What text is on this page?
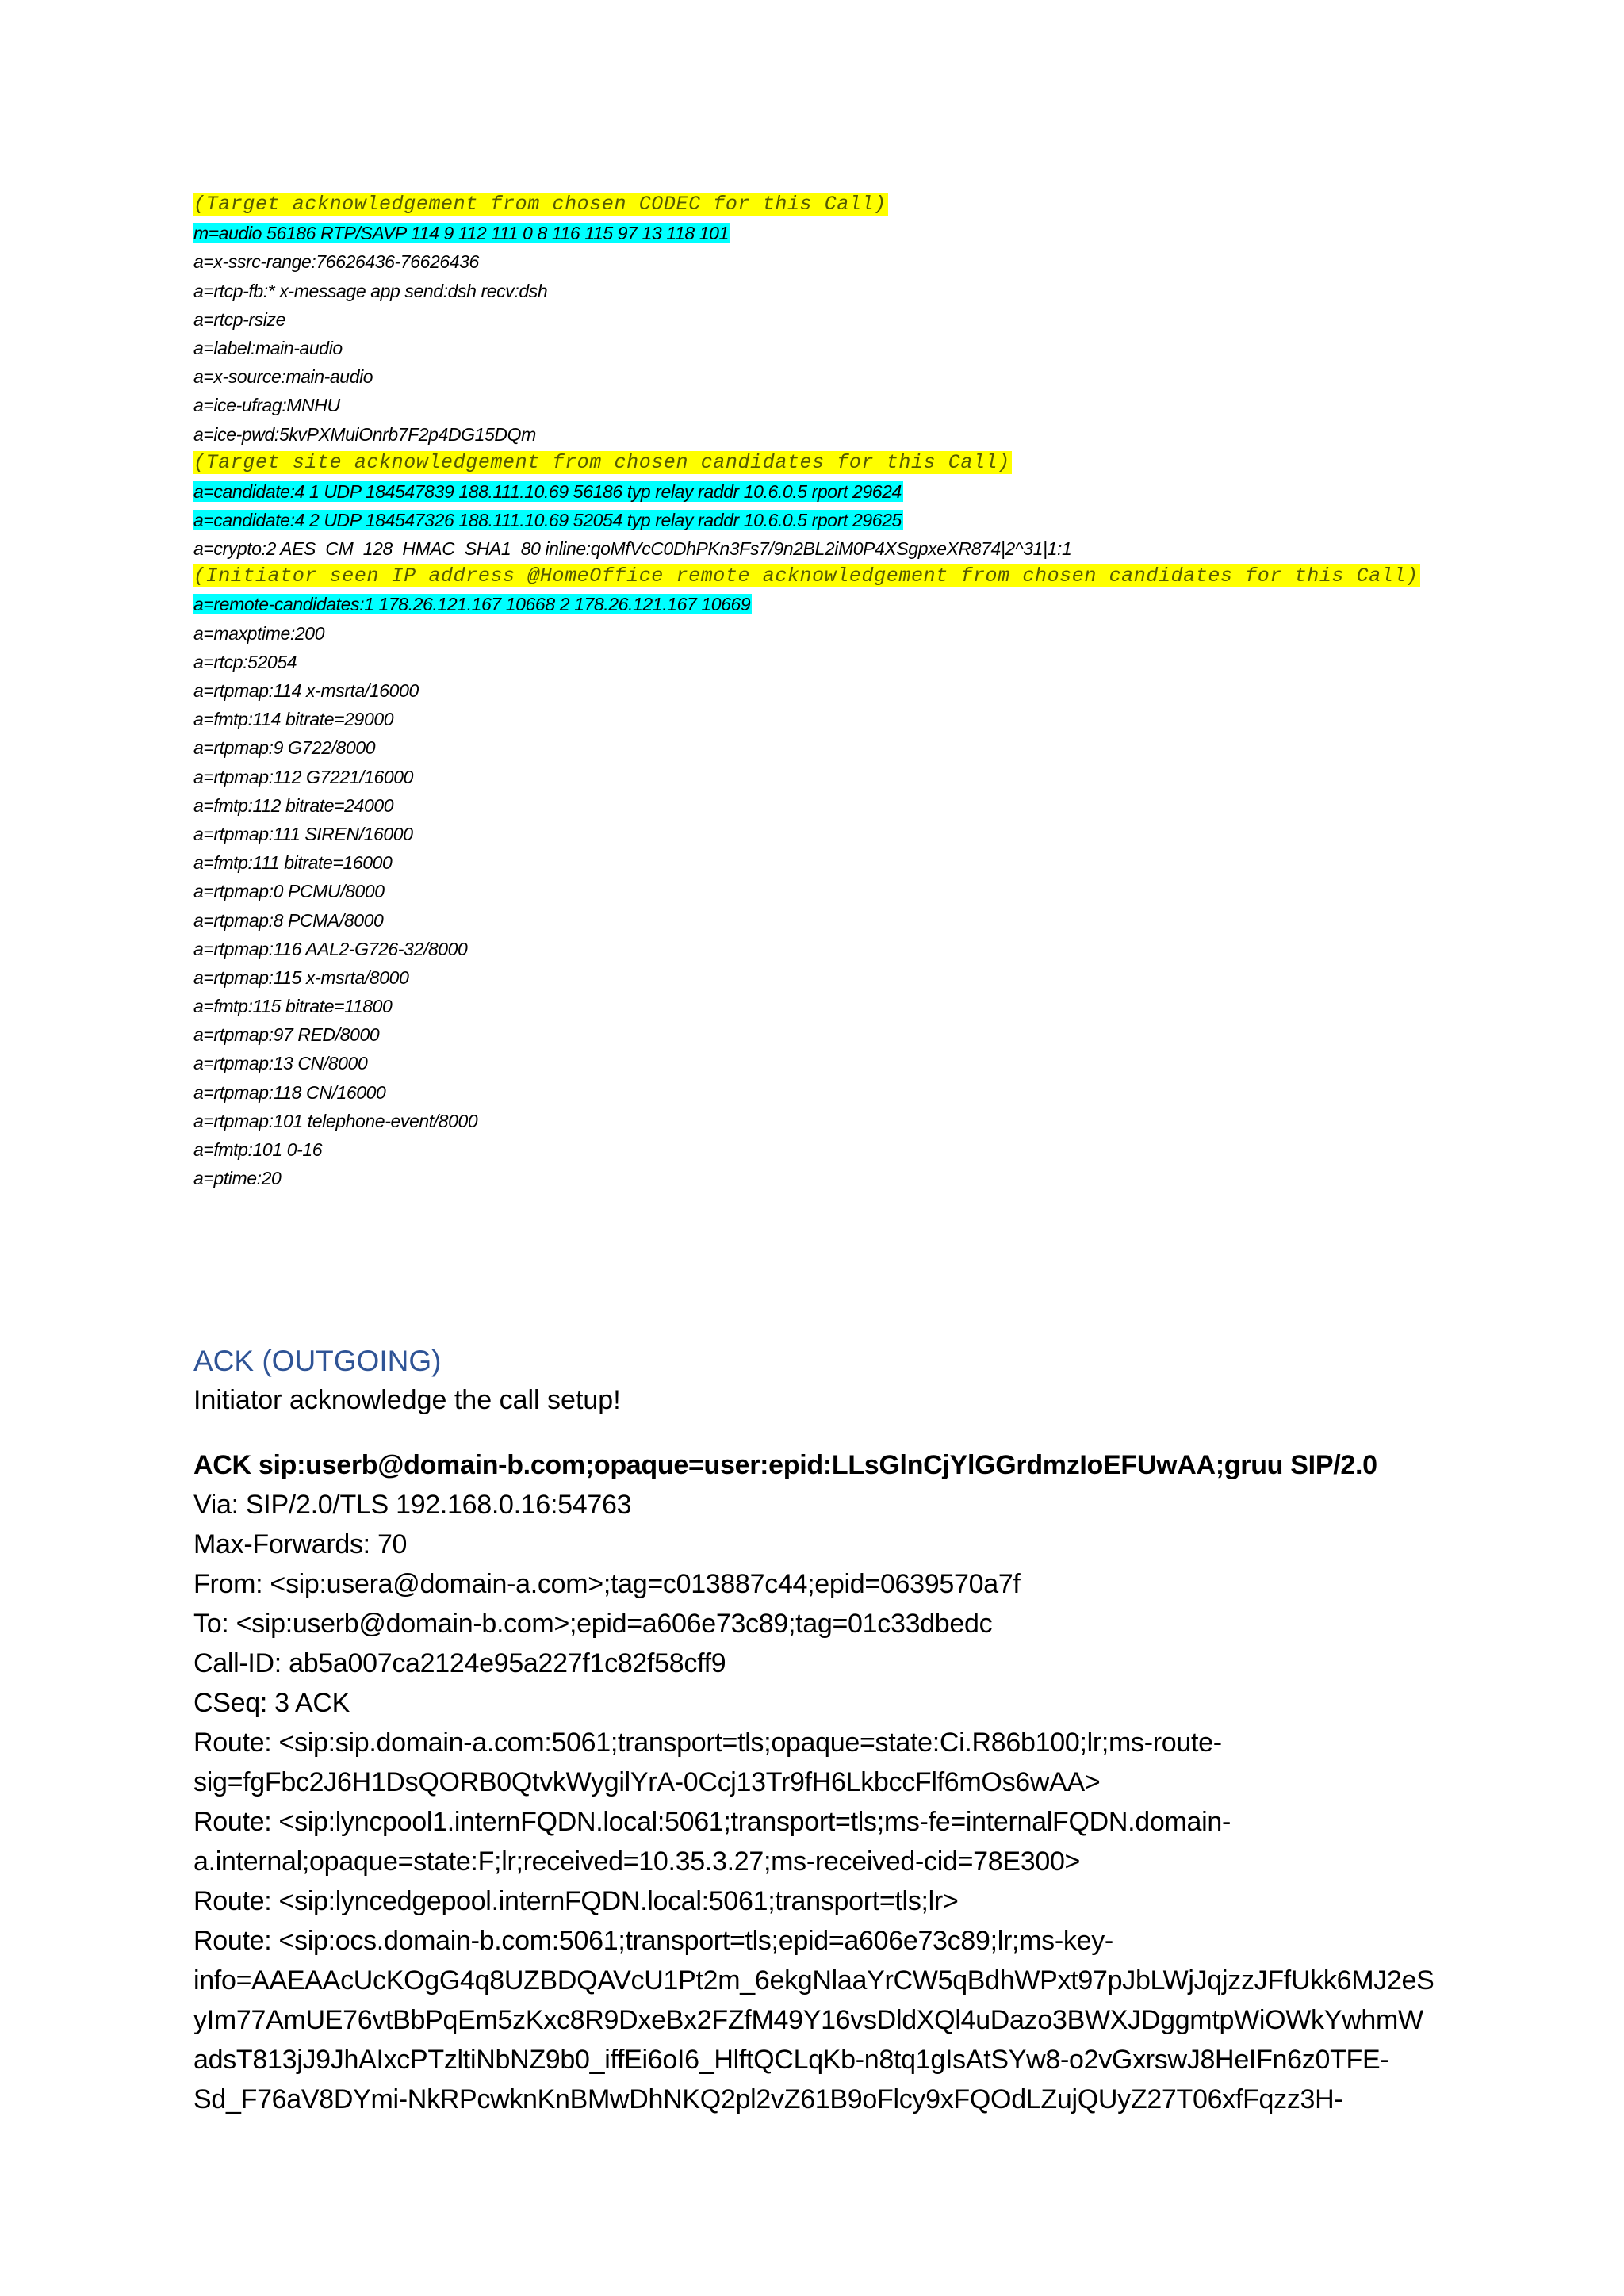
(Target acknowledgement from chosen CODEC for this Call)
m=audio 56186 RTP/SAVP 114 9 112 111 0 8 116 115 97 13 118 101
a=x-ssrc-range:76626436-76626436
a=rtcp-fb:* x-message app send:dsh recv:dsh
a=rtcp-rsize
a=label:main-audio
a=x-source:main-audio
a=ice-ufrag:MNHU
a=ice-pwd:5kvPXMuiOnrb7F2p4DG15DQm
(Target site acknowledgement from chosen candidates for this Call)
a=candidate:4 1 UDP 184547839 188.111.10.69 56186 typ relay raddr 10.6.0.5 rport 29624
a=candidate:4 2 UDP 184547326 188.111.10.69 52054 typ relay raddr 10.6.0.5 rport 29625
a=crypto:2 AES_CM_128_HMAC_SHA1_80 inline:qoMfVcC0DhPKn3Fs7/9n2BL2iM0P4XSgpxeXR874|2^31|1:1
(Initiator seen IP address @HomeOffice remote acknowledgement from chosen candidates for this Call)
a=remote-candidates:1 178.26.121.167 10668 2 178.26.121.167 10669
a=maxptime:200
a=rtcp:52054
a=rtpmap:114 x-msrta/16000
a=fmtp:114 bitrate=29000
a=rtpmap:9 G722/8000
a=rtpmap:112 G7221/16000
a=fmtp:112 bitrate=24000
a=rtpmap:111 SIREN/16000
a=fmtp:111 bitrate=16000
a=rtpmap:0 PCMU/8000
a=rtpmap:8 PCMA/8000
a=rtpmap:116 AAL2-G726-32/8000
a=rtpmap:115 x-msrta/8000
a=fmtp:115 bitrate=11800
a=rtpmap:97 RED/8000
a=rtpmap:13 CN/8000
a=rtpmap:118 CN/16000
a=rtpmap:101 telephone-event/8000
a=fmtp:101 0-16
a=ptime:20
ACK (OUTGOING)

Initiator acknowledge the call setup!

ACK sip:userb@domain-b.com;opaque=user:epid:LLsGlnCjYlGGrdmzIoEFUwAA;gruu SIP/2.0
Via: SIP/2.0/TLS 192.168.0.16:54763
Max-Forwards: 70
From: <sip:usera@domain-a.com>;tag=c013887c44;epid=0639570a7f
To: <sip:userb@domain-b.com>;epid=a606e73c89;tag=01c33dbedc
Call-ID: ab5a007ca2124e95a227f1c82f58cff9
CSeq: 3 ACK
Route: <sip:sip.domain-a.com:5061;transport=tls;opaque=state:Ci.R86b100;lr;ms-route-
sig=fgFbc2J6H1DsQORB0QtvkWygilYrA-0Ccj13Tr9fH6LkbccFlf6mOs6wAA>
Route: <sip:lyncpool1.internFQDN.local:5061;transport=tls;ms-fe=internalFQDN.domain-
a.internal;opaque=state:F;lr;received=10.35.3.27;ms-received-cid=78E300>
Route: <sip:lyncedgepool.internFQDN.local:5061;transport=tls;lr>
Route: <sip:ocs.domain-b.com:5061;transport=tls;epid=a606e73c89;lr;ms-key-
info=AAEAAcUcKOgG4q8UZBDQAVcU1Pt2m_6ekgNlaaYrCW5qBdhWPxt97pJbLWjJqjzzJFfUkk6MJ2eS
yIm77AmUE76vtBbPqEm5zKxc8R9DxeBx2FZfM49Y16vsDldXQl4uDazo3BWXJDggmtpWiOWkYwhmW
adsT813jJ9JhAIxcPTzltiNbNZ9b0_iffEi6oI6_HlftQCLqKb-n8tq1gIsAtSYw8-o2vGxrswJ8HeIFn6z0TFE-
Sd_F76aV8DYmi-NkRPcwknKnBMwDhNKQ2pl2vZ61B9oFlcy9xFQOdLZujQUyZ27T06xfFqzz3H-
